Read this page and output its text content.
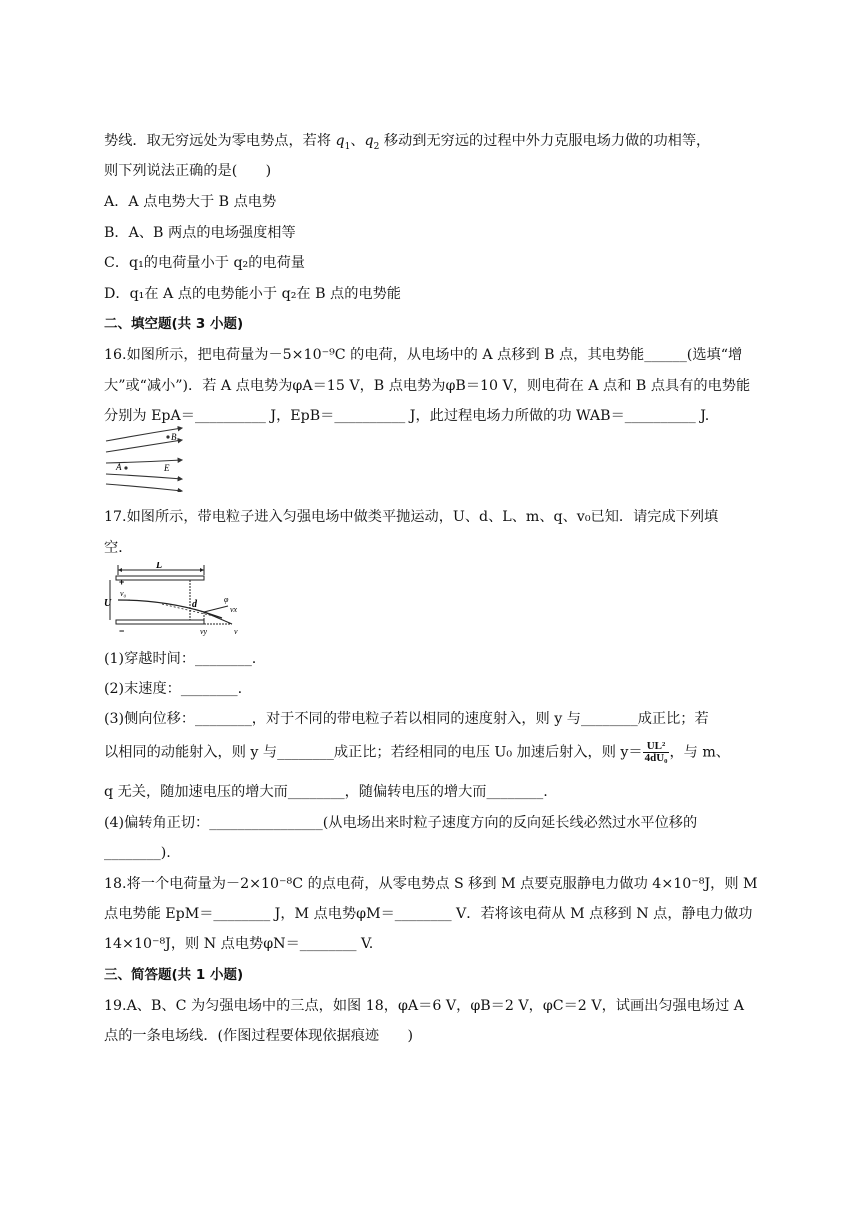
势线．取无穷远处为零电势点，若将 $q_1$、$q_2$ 移动到无穷远的过程中外力克服电场力做的功相等，
则下列说法正确的是(　　)
A．A 点电势大于 B 点电势
B．A、B 两点的电场强度相等
C．q₁的电荷量小于 q₂的电荷量
D．q₁在 A 点的电势能小于 q₂在 B 点的电势能
二、填空题(共 3 小题)
16.如图所示，把电荷量为－5×10⁻⁹C 的电荷，从电场中的 A 点移到 B 点，其电势能______(选填“增
大”或“减小”)．若 A 点电势为φA＝15 V，B 点电势为φB＝10 V，则电荷在 A 点和 B 点具有的电势能
分别为 EpA＝__________ J，EpB＝__________ J，此过程电场力所做的功 WAB＝__________ J.
B
A	E
17.如图所示，带电粒子进入匀强电场中做类平抛运动，U、d、L、m、q、v₀已知．请完成下列填
空．
L
+
−
U	d
v₀
φ
vx
vy	v
(1)穿越时间：________.
(2)末速度：________.
(3)侧向位移：________，对于不同的带电粒子若以相同的速度射入，则 y 与________成正比；若
以相同的动能射入，则 y 与________成正比；若经相同的电压 U₀ 加速后射入，则 $y= \frac{\text{UL²}}{\text{4dU₀}}$ ，与 m、
q 无关，随加速电压的增大而________，随偏转电压的增大而________.
(4)偏转角正切：________________(从电场出来时粒子速度方向的反向延长线必然过水平位移的
________).
18.将一个电荷量为－2×10⁻⁸C 的点电荷，从零电势点 S 移到 M 点要克服静电力做功 4×10⁻⁸J，则 M
点电势能 EpM＝________ J，M 点电势φM＝________ V．若将该电荷从 M 点移到 N 点，静电力做功
14×10⁻⁸J，则 N 点电势φN＝________ V.
三、简答题(共 1 小题)
19.A、B、C 为匀强电场中的三点，如图 18，φA＝6 V，φB＝2 V，φC＝2 V，试画出匀强电场过 A
点的一条电场线．(作图过程要体现依据痕迹　　)
